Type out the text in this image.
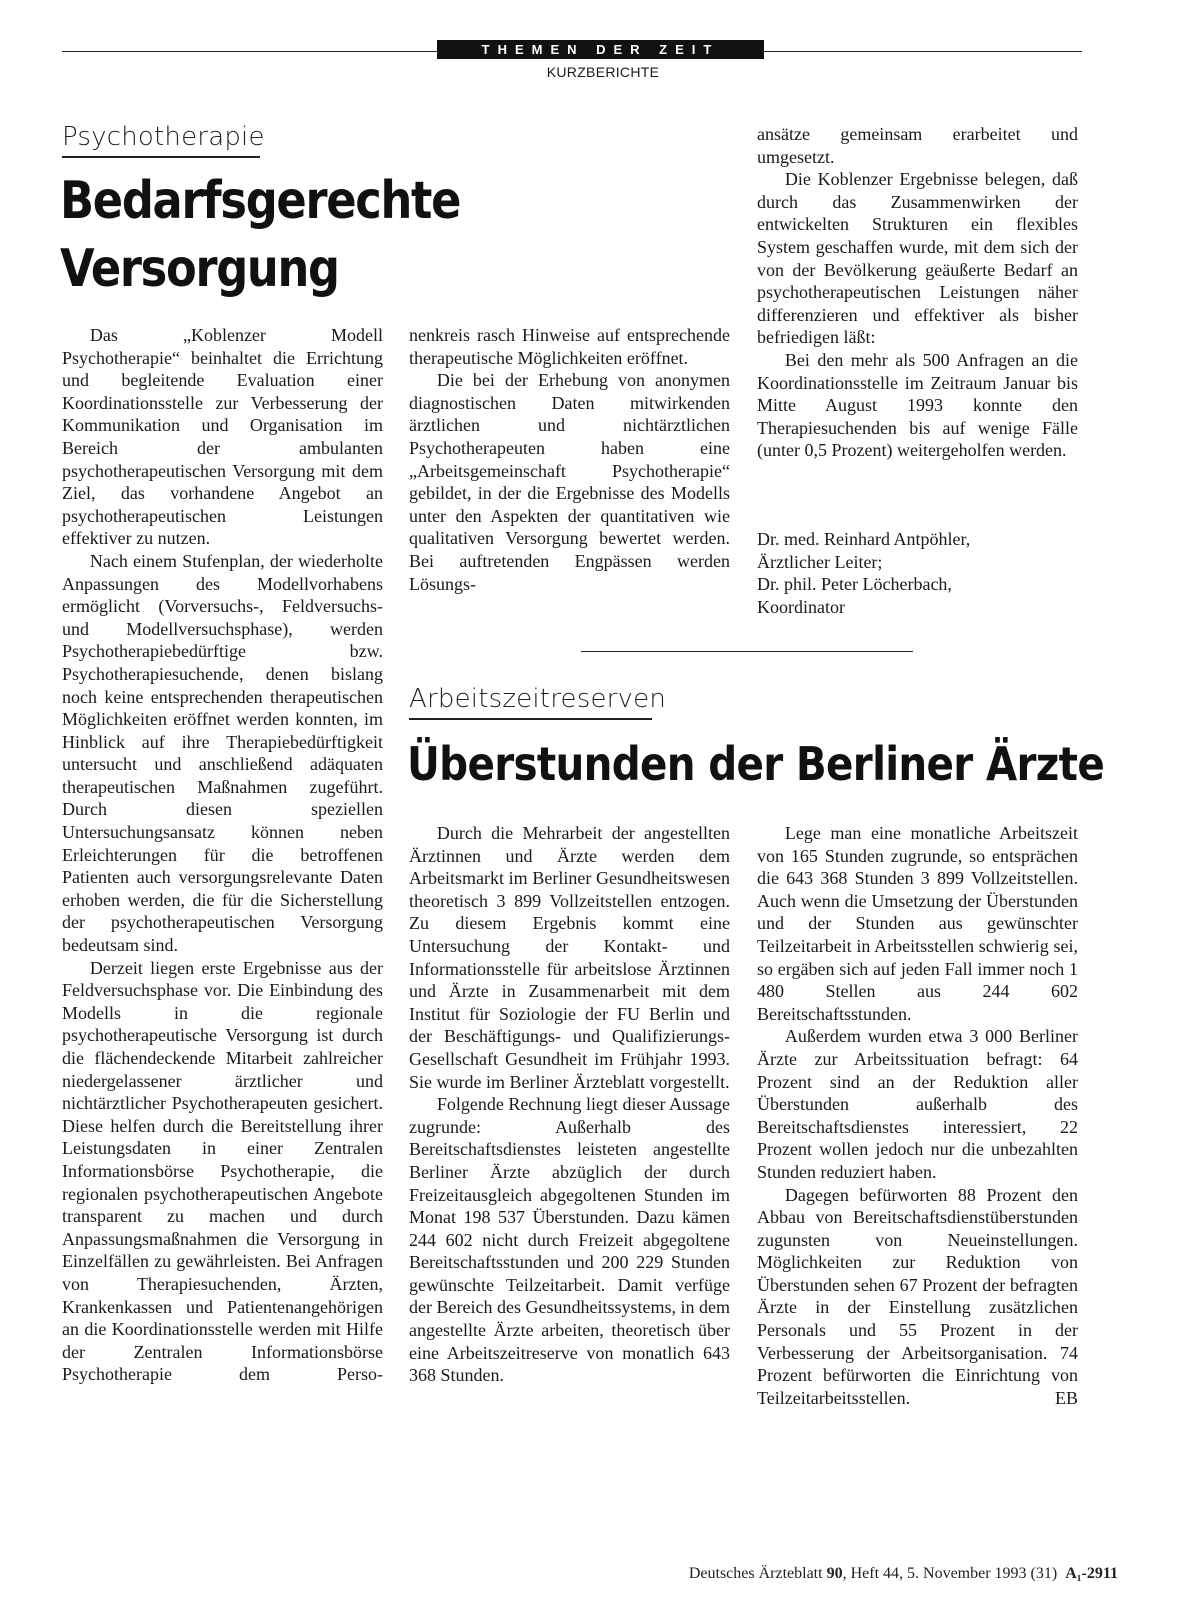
THEMEN DER ZEIT
KURZBERICHTE
Psychotherapie
Bedarfsgerechte
Versorgung

Das „Koblenzer Modell Psychotherapie“ beinhaltet die Errichtung und begleitende Evaluation einer Koordinationsstelle zur Verbesserung der Kommunikation und Organisation im Bereich der ambulanten psychotherapeutischen Versorgung mit dem Ziel, das vorhandene Angebot an psychotherapeutischen Leistungen effektiver zu nutzen.

Nach einem Stufenplan, der wiederholte Anpassungen des Modellvorhabens ermöglicht (Vorversuchs-, Feldversuchs- und Modellversuchsphase), werden Psychotherapiebedürftige bzw. Psychotherapiesuchende, denen bislang noch keine entsprechenden therapeutischen Möglichkeiten eröffnet werden konnten, im Hinblick auf ihre Therapiebedürftigkeit untersucht und anschließend adäquaten therapeutischen Maßnahmen zugeführt. Durch diesen speziellen Untersuchungsansatz können neben Erleichterungen für die betroffenen Patienten auch versorgungsrelevante Daten erhoben werden, die für die Sicherstellung der psychotherapeutischen Versorgung bedeutsam sind.

Derzeit liegen erste Ergebnisse aus der Feldversuchsphase vor. Die Einbindung des Modells in die regionale psychotherapeutische Versorgung ist durch die flächendeckende Mitarbeit zahlreicher niedergelassener ärztlicher und nichtärztlicher Psychotherapeuten gesichert. Diese helfen durch die Bereitstellung ihrer Leistungsdaten in einer Zentralen Informationsbörse Psychotherapie, die regionalen psychotherapeutischen Angebote transparent zu machen und durch Anpassungsmaßnahmen die Versorgung in Einzelfällen zu gewährleisten. Bei Anfragen von Therapiesuchenden, Ärzten, Krankenkassen und Patientenangehörigen an die Koordinationsstelle werden mit Hilfe der Zentralen Informationsbörse Psychotherapie dem Perso-

nenkreis rasch Hinweise auf entsprechende therapeutische Möglichkeiten eröffnet.

Die bei der Erhebung von anonymen diagnostischen Daten mitwirkenden ärztlichen und nichtärztlichen Psychotherapeuten haben eine „Arbeitsgemeinschaft Psychotherapie“ gebildet, in der die Ergebnisse des Modells unter den Aspekten der quantitativen wie qualitativen Versorgung bewertet werden. Bei auftretenden Engpässen werden Lösungs-

ansätze gemeinsam erarbeitet und umgesetzt.

Die Koblenzer Ergebnisse belegen, daß durch das Zusammenwirken der entwickelten Strukturen ein flexibles System geschaffen wurde, mit dem sich der von der Bevölkerung geäußerte Bedarf an psychotherapeutischen Leistungen näher differenzieren und effektiver als bisher befriedigen läßt:

Bei den mehr als 500 Anfragen an die Koordinationsstelle im Zeitraum Januar bis Mitte August 1993 konnte den Therapiesuchenden bis auf wenige Fälle (unter 0,5 Prozent) weitergeholfen werden.

Dr. med. Reinhard Antpöhler,
Ärztlicher Leiter;
Dr. phil. Peter Löcherbach,
Koordinator
Arbeitszeitreserven
Überstunden der Berliner Ärzte

Durch die Mehrarbeit der angestellten Ärztinnen und Ärzte werden dem Arbeitsmarkt im Berliner Gesundheitswesen theoretisch 3 899 Vollzeitstellen entzogen. Zu diesem Ergebnis kommt eine Untersuchung der Kontakt- und Informationsstelle für arbeitslose Ärztinnen und Ärzte in Zusammenarbeit mit dem Institut für Soziologie der FU Berlin und der Beschäftigungs- und Qualifizierungs-Gesellschaft Gesundheit im Frühjahr 1993. Sie wurde im Berliner Ärzteblatt vorgestellt.

Folgende Rechnung liegt dieser Aussage zugrunde: Außerhalb des Bereitschaftsdienstes leisteten angestellte Berliner Ärzte abzüglich der durch Freizeitausgleich abgegoltenen Stunden im Monat 198 537 Überstunden. Dazu kämen 244 602 nicht durch Freizeit abgegoltene Bereitschaftsstunden und 200 229 Stunden gewünschte Teilzeitarbeit. Damit verfüge der Bereich des Gesundheitssystems, in dem angestellte Ärzte arbeiten, theoretisch über eine Arbeitszeitreserve von monatlich 643 368 Stunden.

Lege man eine monatliche Arbeitszeit von 165 Stunden zugrunde, so entsprächen die 643 368 Stunden 3 899 Vollzeitstellen. Auch wenn die Umsetzung der Überstunden und der Stunden aus gewünschter Teilzeitarbeit in Arbeitsstellen schwierig sei, so ergäben sich auf jeden Fall immer noch 1 480 Stellen aus 244 602 Bereitschaftsstunden.

Außerdem wurden etwa 3 000 Berliner Ärzte zur Arbeitssituation befragt: 64 Prozent sind an der Reduktion aller Überstunden außerhalb des Bereitschaftsdienstes interessiert, 22 Prozent wollen jedoch nur die unbezahlten Stunden reduziert haben.

Dagegen befürworten 88 Prozent den Abbau von Bereitschaftsdienstüberstunden zugunsten von Neueinstellungen. Möglichkeiten zur Reduktion von Überstunden sehen 67 Prozent der befragten Ärzte in der Einstellung zusätzlichen Personals und 55 Prozent in der Verbesserung der Arbeitsorganisation. 74 Prozent befürworten die Einrichtung von Teilzeitarbeitsstellen.	EB

Deutsches Ärzteblatt 90, Heft 44, 5. November 1993 (31) A₁-2911
